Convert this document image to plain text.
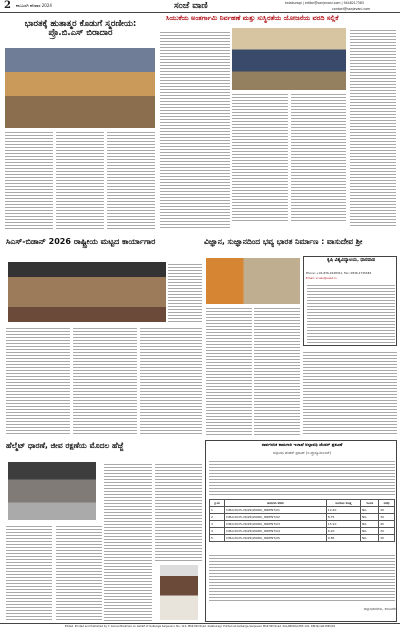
2 ಕಲಬುರಗಿ ಶನಿವಾರ 2024	ಸಂಜೆ ವಾಣಿ	kalaburagi | editor@sanjevani.com | 9448217383
contact@sanjevani.com
ಸಿಯುಕೆಯ ಅಂತರ್ಗಾಮಿ ನಿರ್ವಹಣೆ ಮತ್ತು ಸುಸ್ಥಿರತೆಯ ಯೋಜನೆಯ ವರದಿ ಸಲ್ಲಿಕೆ
ಭಾರತಕ್ಕೆ ಹುತಾತ್ಮರ ಕೊಡುಗೆ ಸ್ಮರಣೀಯ: ಪ್ರೊ.ಬಿ.ಎಸ್ ಬಿರಾದಾರ
ಸಿಎಸ್-ಬಿಡಾನ್ 2026 ರಾಷ್ಟ್ರೀಯ ಮಟ್ಟದ ಕಾರ್ಯಾಗಾರ	ವಿಜ್ಞಾನ, ಸುಜ್ಞಾನದಿಂದ ಭವ್ಯ ಭಾರತ ನಿರ್ಮಾಣ : ವಾಸುದೇವ ಶ್ರೀ
ಕೃಷಿ ವಿಶ್ವವಿದ್ಯಾಲಯ, ಧಾರವಾಡ
Phone: +91-836-2448321, Fax: 0836-2745484
Email: vcuas@uasd.in
ಹೆಲ್ಮೆಟ್ ಧಾರಣೆ, ಜೀವ ರಕ್ಷಣೆಯ ಮೊದಲ ಹೆಜ್ಜೆ	ಸಾರ್ವಜನಿಕ ಕಾಮಗಾರಿ ಇಲಾಖೆ ಅಲ್ಪಾವಧಿ ಟೆಂಡರ್ ಪ್ರಕಟಣೆ
ಅಲ್ಪಾವಧಿ ಟೆಂಡರ್ ಪ್ರಕಟಣೆ (ಇ-ಪ್ರೊಕ್ಯೂರ್ಮೆಂಟ್)
ಕ್ರ.ಸಂ	ಕಾಮಗಾರಿ ಹೆಸರು	ಅಂದಾಜು ಮೊತ್ತ	ಇಎಂಡಿ	ಅವಧಿ
1	DMA/2025-26/ZK/WORK_INDENT/01	12.40	NIL	30
2	DMA/2025-26/ZK/WORK_INDENT/02	8.75	NIL	30
3	DMA/2025-26/ZK/WORK_INDENT/03	15.10	NIL	45
4	DMA/2025-26/ZK/WORK_INDENT/04	6.20	NIL	30
5	DMA/2025-26/ZK/WORK_INDENT/05	9.85	NIL	30
ಜಿಲ್ಲಾಧಿಕಾರಿಗಳು, ಕಲಬುರಗಿ
Edited, Printed and Published by T. Guruschhalmani on behalf of Gulbarga Sanjevani, No. 112, MSK Mill Road, Kalaburagi. Printed at Gulbarga Sanjevani MSK Mill Road, KALABURGI-585 101. RNI No.GR1565/16
